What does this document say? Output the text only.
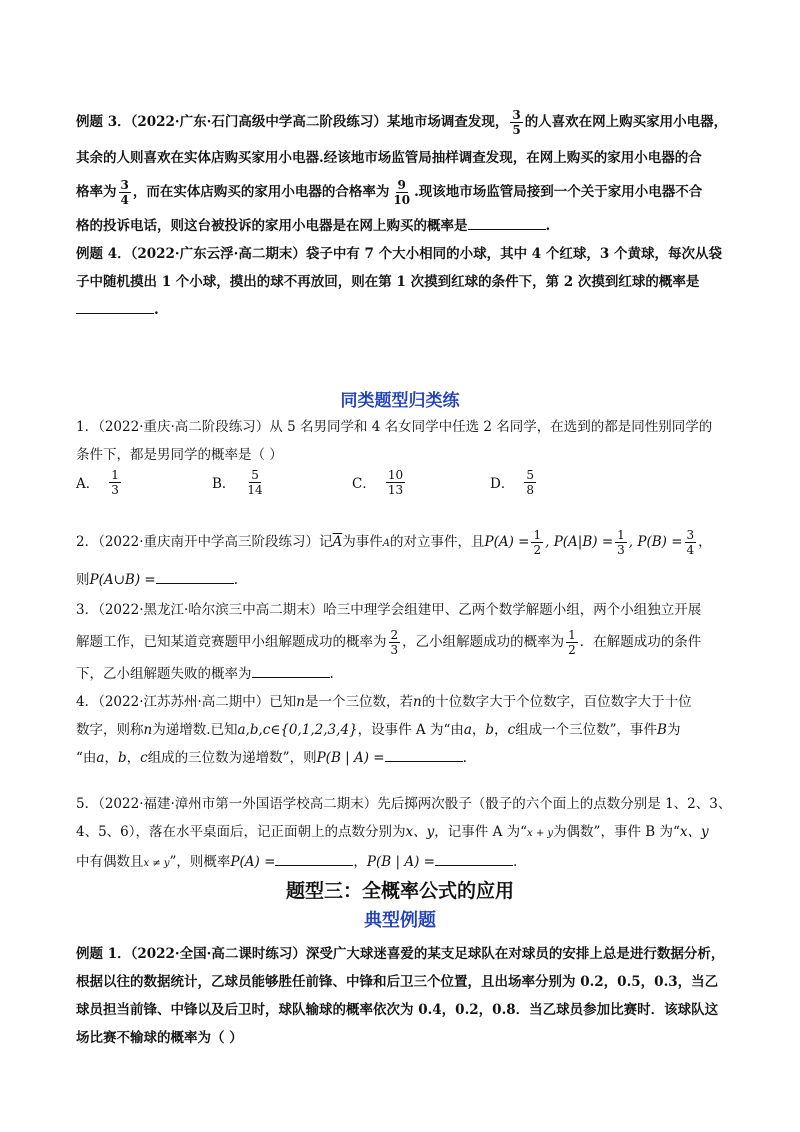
例题 3．（2022·广东·石门高级中学高二阶段练习）某地市场调查发现， $\frac{3}{5}$ 的人喜欢在网上购买家用小电器，
其余的人则喜欢在实体店购买家用小电器.经该地市场监管局抽样调查发现，在网上购买的家用小电器的合
格率为 $\frac{3}{4}$ ，而在实体店购买的家用小电器的合格率为 $\frac{9}{10}$ .现该地市场监管局接到一个关于家用小电器不合
格的投诉电话，则这台被投诉的家用小电器是在网上购买的概率是	.
例题 4．（2022·广东云浮·高二期末）袋子中有 7 个大小相同的小球，其中 4 个红球，3 个黄球，每次从袋
子中随机摸出 1 个小球，摸出的球不再放回，则在第 1 次摸到红球的条件下，第 2 次摸到红球的概率是
.
同类题型归类练
1．（2022·重庆·高二阶段练习）从 5 名男同学和 4 名女同学中任选 2 名同学，在选到的都是同性别同学的
条件下，都是男同学的概率是（ ）
A． $\frac{1}{3}$	B． $\frac{5}{14}$	C． $\frac{10}{13}$	D． $\frac{5}{8}$
2．（2022·重庆南开中学高三阶段练习）记$\overline{A}$为事件A的对立事件，且$P(A) = \frac{1}{2}$ , $P(A|B) = \frac{1}{3}$ , $P(B) = \frac{3}{4}$ ，
则P(A∪B) =	.
3．（2022·黑龙江·哈尔滨三中高二期末）哈三中理学会组建甲、乙两个数学解题小组，两个小组独立开展
解题工作，已知某道竞赛题甲小组解题成功的概率为 $\frac{2}{3}$ ，乙小组解题成功的概率为 $\frac{1}{2}$ ．在解题成功的条件
下，乙小组解题失败的概率为	.
4．（2022·江苏苏州·高二期中）已知n是一个三位数，若n的十位数字大于个位数字，百位数字大于十位
数字，则称n为递增数.已知a,b,c∈{0,1,2,3,4}，设事件 A 为“由a，b，c组成一个三位数”，事件B为
“由a，b，c组成的三位数为递增数”，则P(B | A) =	.
5．（2022·福建·漳州市第一外国语学校高二期末）先后掷两次骰子（骰子的六个面上的点数分别是 1、2、3、
4、5、6），落在水平桌面后，记正面朝上的点数分别为x、y，记事件 A 为“x + y为偶数”，事件 B 为“x、y
中有偶数且x ≠ y”，则概率P(A) =	，P(B | A) =	.
题型三：全概率公式的应用
典型例题
例题 1．（2022·全国·高二课时练习）深受广大球迷喜爱的某支足球队在对球员的安排上总是进行数据分析，
根据以往的数据统计，乙球员能够胜任前锋、中锋和后卫三个位置，且出场率分别为 0.2，0.5，0.3，当乙
球员担当前锋、中锋以及后卫时，球队输球的概率依次为 0.4，0.2，0.8．当乙球员参加比赛时．该球队这
场比赛不输球的概率为（ ）
